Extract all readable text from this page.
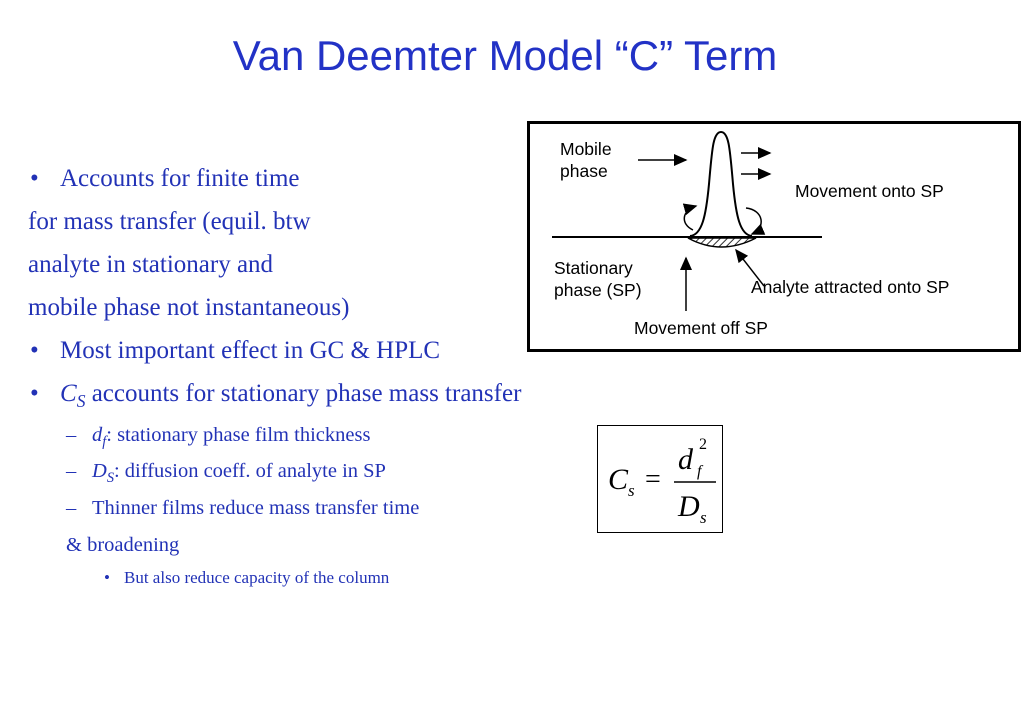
Van Deemter Model “C” Term
• Accounts for finite time
for mass transfer (equil. btw
analyte in stationary and
mobile phase not instantaneous)
• Most important effect in GC & HPLC
• $C_S$ accounts for stationary phase mass transfer
– $d_f$: stationary phase film thickness
– $D_S$: diffusion coeff. of analyte in SP
– Thinner films reduce mass transfer time
& broadening
• But also reduce capacity of the column
Mobile
phase
Movement onto SP
Stationary
phase (SP)	Analyte attracted onto SP
Movement off SP
C s =
d 2
f
D s
